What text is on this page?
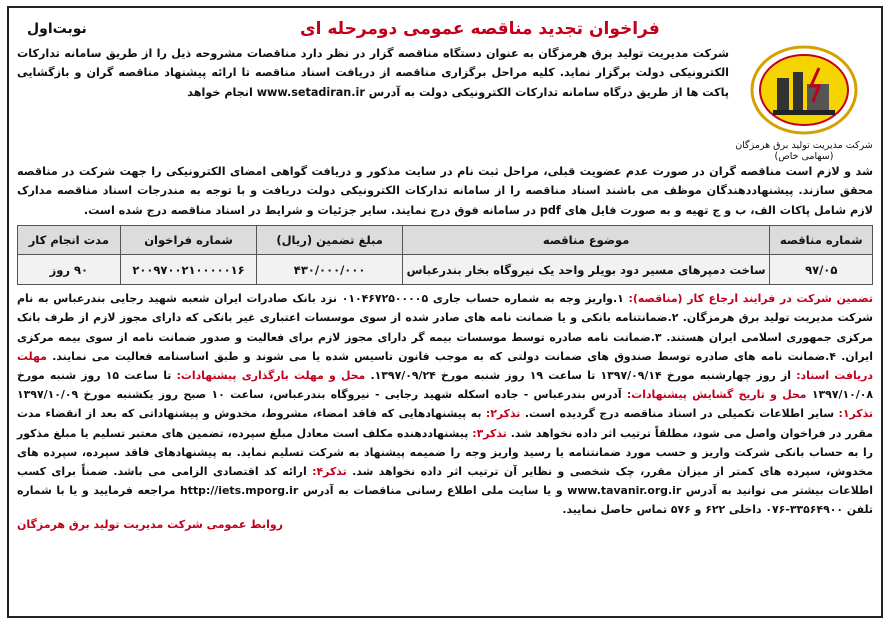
فراخوان تجدید مناقصه عمومی دومرحله ای
نوبت‌اول
شرکت مدیریت تولید برق هرمزگان
(سهامی خاص)

شرکت مدیریت تولید برق هرمزگان به عنوان دستگاه مناقصه گزار در نظر دارد مناقصات مشروحه ذیل را از طریق سامانه تدارکات الکترونیکی دولت برگزار نماید. کلیه مراحل برگزاری مناقصه از دریافت اسناد مناقصه تا ارائه پیشنهاد مناقصه گران و بازگشایی پاکت ها از طریق درگاه سامانه تدارکات الکترونیکی دولت به آدرس www.setadiran.ir انجام خواهد

شد و لازم است مناقصه گران در صورت عدم عضویت قبلی، مراحل ثبت نام در سایت مذکور و دریافت گواهی امضای الکترونیکی را جهت شرکت در مناقصه محقق سازند. پیشنهاددهندگان موظف می باشند اسناد مناقصه را از سامانه تدارکات الکترونیکی دولت دریافت و با توجه به مندرجات اسناد مناقصه مدارک لازم شامل پاکات الف، ب و ج تهیه و به صورت فایل های pdf در سامانه فوق درج نمایند. سایر جزئیات و شرایط در اسناد مناقصه درج شده است.

شماره مناقصه	موضوع مناقصه	مبلغ تضمین (ریال)	شماره فراخوان	مدت انجام کار
۹۷/۰۵	ساخت دمپرهای مسیر دود بویلر واحد یک نیروگاه بخار بندرعباس	۴۳۰/۰۰۰/۰۰۰	۲۰۰۹۷۰۰۲۱۰۰۰۰۰۱۶	۹۰ روز

تضمین شرکت در فرایند ارجاع کار (مناقصه): ۱.واریز وجه به شماره حساب جاری ۰۱۰۴۶۷۲۵۰۰۰۰۵ نزد بانک صادرات ایران شعبه شهید رجایی بندرعباس به نام شرکت مدیریت تولید برق هرمزگان. ۲.ضمانتنامه بانکی و یا ضمانت نامه های صادر شده از سوی موسسات اعتباری غیر بانکی که دارای مجوز لازم از طرف بانک مرکزی جمهوری اسلامی ایران هستند. ۳.ضمانت نامه صادره توسط موسسات بیمه گر دارای مجوز لازم برای فعالیت و صدور ضمانت نامه از سوی بیمه مرکزی ایران. ۴.ضمانت نامه های صادره توسط صندوق های ضمانت دولتی که به موجب قانون تاسیس شده یا می شوند و طبق اساسنامه فعالیت می نمایند. مهلت دریافت اسناد: از روز چهارشنبه مورخ ۱۳۹۷/۰۹/۱۴ تا ساعت ۱۹ روز شنبه مورخ ۱۳۹۷/۰۹/۲۴. محل و مهلت بارگذاری پیشنهادات: تا ساعت ۱۵ روز شنبه مورخ ۱۳۹۷/۱۰/۰۸ محل و تاریخ گشایش پیشنهادات: آدرس بندرعباس - جاده اسکله شهید رجایی - نیروگاه بندرعباس، ساعت ۱۰ صبح روز یکشنبه مورخ ۱۳۹۷/۱۰/۰۹ تذکر۱: سایر اطلاعات تکمیلی در اسناد مناقصه درج گردیده است. تذکر۲: به پیشنهادهایی که فاقد امضاء، مشروط، مخدوش و پیشنهاداتی که بعد از انقضاء مدت مقرر در فراخوان واصل می شود، مطلقاً ترتیب اثر داده نخواهد شد. تذکر۳: پیشنهاددهنده مکلف است معادل مبلغ سپرده، تضمین های معتبر تسلیم یا مبلغ مذکور را به حساب بانکی شرکت واریز و حسب مورد ضمانتنامه یا رسید واریز وجه را ضمیمه پیشنهاد به شرکت تسلیم نماید. به پیشنهادهای فاقد سپرده، سپرده های مخدوش، سپرده های کمتر از میزان مقرر، چک شخصی و نظایر آن ترتیب اثر داده نخواهد شد. تذکر۴: ارائه کد اقتصادی الزامی می باشد. ضمناً برای کسب اطلاعات بیشتر می توانید به آدرس www.tavanir.org.ir و یا سایت ملی اطلاع رسانی مناقصات به آدرس http://iets.mporg.ir مراجعه فرمایید و یا با شماره تلفن ۳۳۵۶۴۹۰۰-۰۷۶ داخلی ۶۲۲ و ۵۷۶ تماس حاصل نمایید.

روابط عمومی شرکت مدیریت تولید برق هرمزگان
